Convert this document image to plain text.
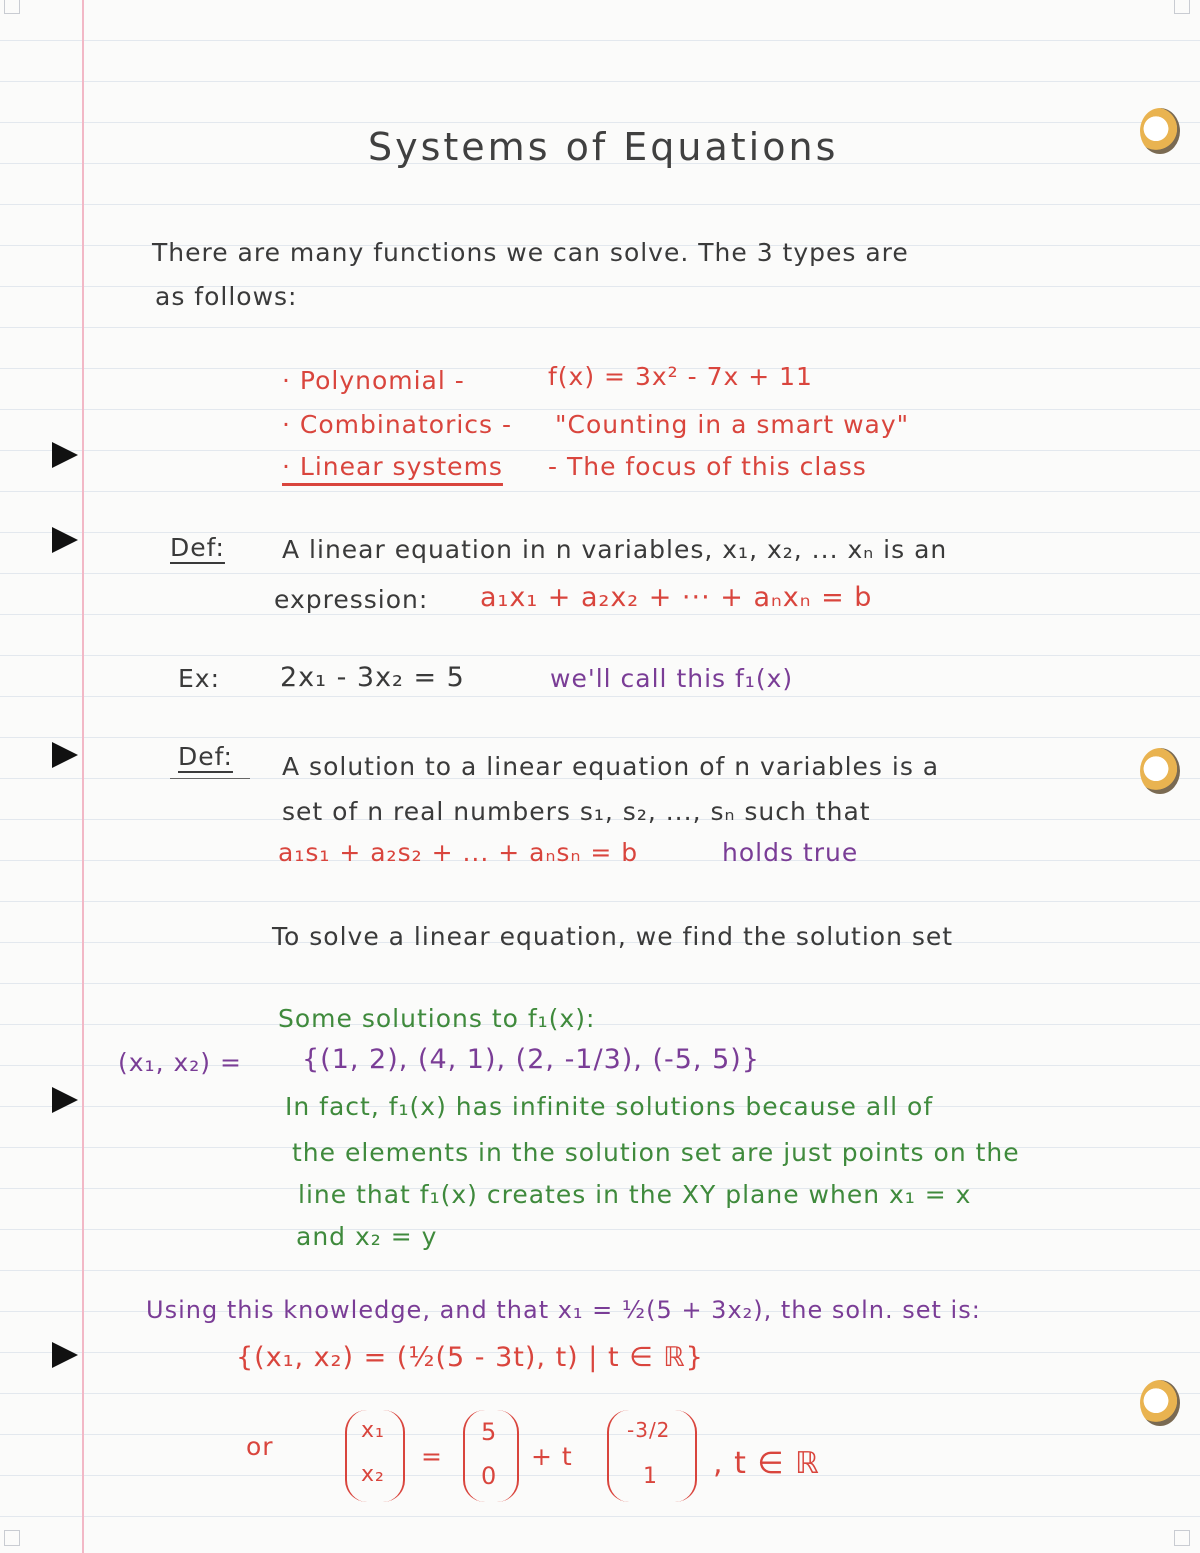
Systems of Equations
There are many functions we can solve. The 3 types are
as follows:
· Polynomial -	f(x) = 3x² - 7x + 11
· Combinatorics - "Counting in a smart way"
· Linear systems - The focus of this class
Def: A linear equation in n variables, x₁, x₂, ... xₙ is an
expression: a₁x₁ + a₂x₂ + ··· + aₙxₙ = b
Ex: 2x₁ - 3x₂ = 5	we'll call this f₁(x)
Def: A solution to a linear equation of n variables is a
set of n real numbers s₁, s₂, ..., sₙ such that
a₁s₁ + a₂s₂ + ... + aₙsₙ = b	holds true
To solve a linear equation, we find the solution set
Some solutions to f₁(x):
(x₁, x₂) = {(1, 2), (4, 1), (2, -1/3), (-5, 5)}
In fact, f₁(x) has infinite solutions because all of
the elements in the solution set are just points on the
line that f₁(x) creates in the XY plane when x₁ = x
and x₂ = y
Using this knowledge, and that x₁ = ½(5 + 3x₂), the soln. set is:
{(x₁, x₂) = (½(5 - 3t), t) | t ∈ ℝ}
or
x₁
x₂
=
5
0
+ t
-3/2
1 , t ∈ ℝ
